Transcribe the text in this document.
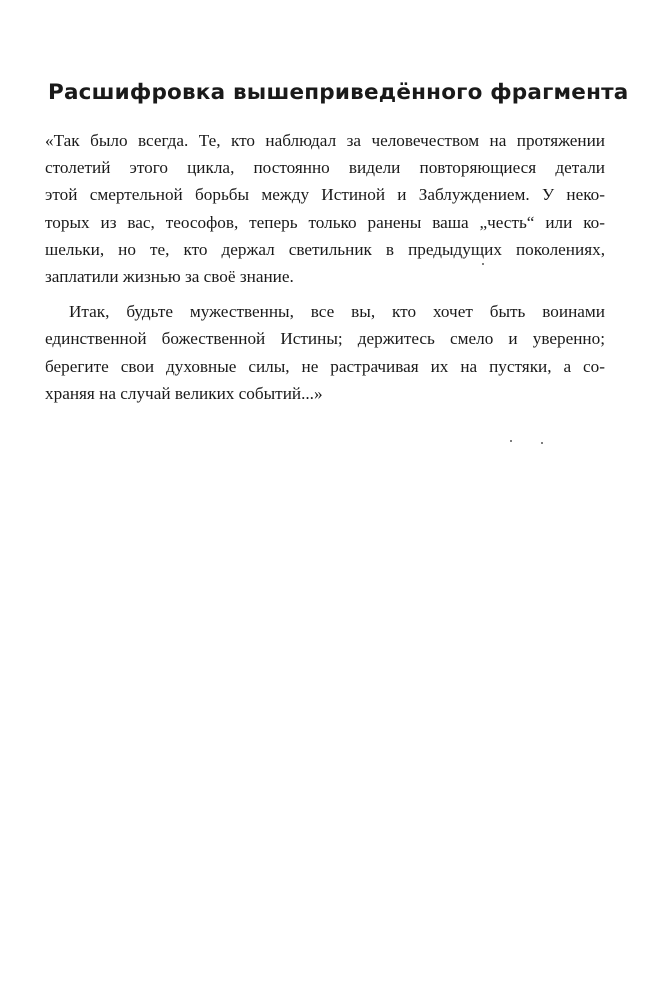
Расшифровка вышеприведённого фрагмента
«Так было всегда. Те, кто наблюдал за человечеством на протяжении
столетий этого цикла, постоянно видели повторяющиеся детали
этой смертельной борьбы между Истиной и Заблуждением. У неко-
торых из вас, теософов, теперь только ранены ваша „честь“ или ко-
шельки, но те, кто держал светильник в предыдущих поколениях,
заплатили жизнью за своё знание.
Итак, будьте мужественны, все вы, кто хочет быть воинами
единственной божественной Истины; держитесь смело и уверенно;
берегите свои духовные силы, не растрачивая их на пустяки, а со-
храняя на случай великих событий...»
